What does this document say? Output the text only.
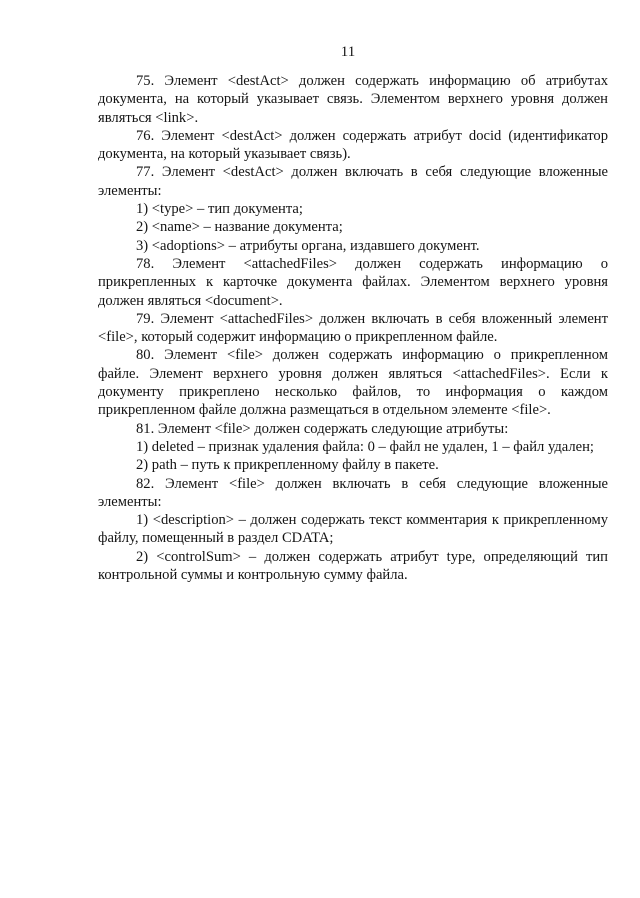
11

75. Элемент <destAct> должен содержать информацию об атрибутах документа, на который указывает связь. Элементом верхнего уровня должен являться <link>.

76. Элемент <destAct> должен содержать атрибут docid (идентификатор документа, на который указывает связь).

77. Элемент <destAct> должен включать в себя следующие вложенные элементы:

1) <type> – тип документа;

2) <name> – название документа;

3) <adoptions> – атрибуты органа, издавшего документ.

78. Элемент <attachedFiles> должен содержать информацию о прикрепленных к карточке документа файлах. Элементом верхнего уровня должен являться <document>.

79. Элемент <attachedFiles> должен включать в себя вложенный элемент <file>, который содержит информацию о прикрепленном файле.

80. Элемент <file> должен содержать информацию о прикрепленном файле. Элемент верхнего уровня должен являться <attachedFiles>. Если к документу прикреплено несколько файлов, то информация о каждом прикрепленном файле должна размещаться в отдельном элементе <file>.

81. Элемент <file> должен содержать следующие атрибуты:

1) deleted – признак удаления файла: 0 – файл не удален, 1 – файл удален;

2) path – путь к прикрепленному файлу в пакете.

82. Элемент <file> должен включать в себя следующие вложенные элементы:

1) <description> – должен содержать текст комментария к прикрепленному файлу, помещенный в раздел CDATA;

2) <controlSum> – должен содержать атрибут type, определяющий тип контрольной суммы и контрольную сумму файла.
